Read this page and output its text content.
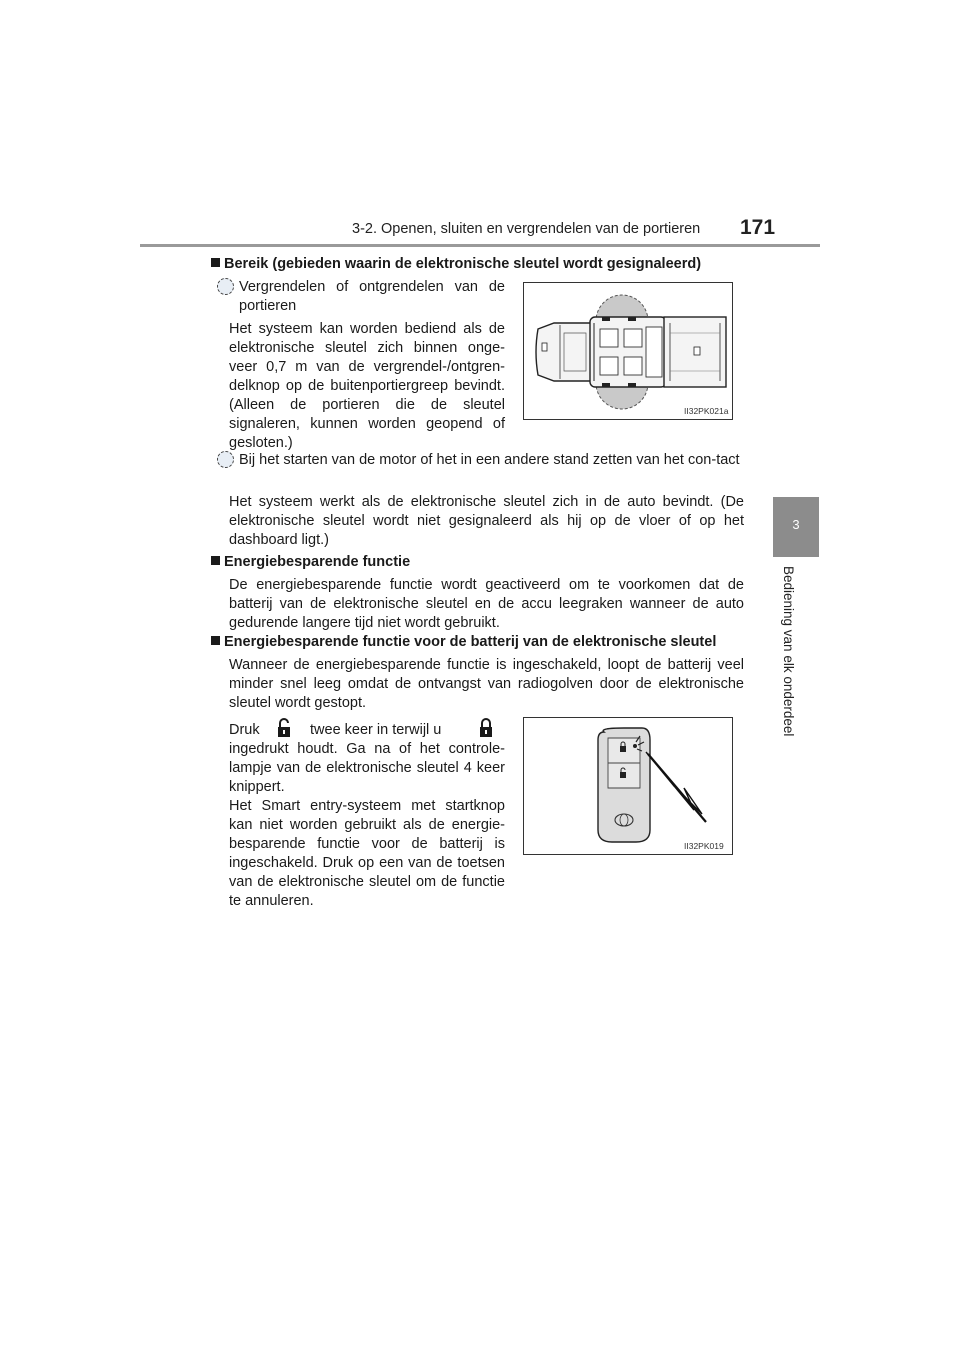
3-2. Openen, sluiten en vergrendelen van de portieren 171
3
Bediening van elk onderdeel
Bereik (gebieden waarin de elektronische sleutel wordt gesignaleerd)
Vergrendelen of ontgrendelen van de portieren
Het systeem kan worden bediend als de elektronische sleutel zich binnen onge-veer 0,7 m van de vergrendel-/ontgren-delknop op de buitenportiergreep bevindt. (Alleen de portieren die de sleutel signaleren, kunnen worden geopend of gesloten.)
II32PK021a
Bij het starten van de motor of het in een andere stand zetten van het con-tact
Het systeem werkt als de elektronische sleutel zich in de auto bevindt. (De elektronische sleutel wordt niet gesignaleerd als hij op de vloer of op het dashboard ligt.)
Energiebesparende functie
De energiebesparende functie wordt geactiveerd om te voorkomen dat de batterij van de elektronische sleutel en de accu leegraken wanneer de auto gedurende langere tijd niet wordt gebruikt.
Energiebesparende functie voor de batterij van de elektronische sleutel
Wanneer de energiebesparende functie is ingeschakeld, loopt de batterij veel minder snel leeg omdat de ontvangst van radiogolven door de elektronische sleutel wordt gestopt.
Druk	twee keer in terwijl u
ingedrukt houdt. Ga na of het controle-lampje van de elektronische sleutel 4 keer knippert.
Het Smart entry-systeem met startknop kan niet worden gebruikt als de energie-besparende functie voor de batterij is ingeschakeld. Druk op een van de toetsen van de elektronische sleutel om de functie te annuleren.
II32PK019
